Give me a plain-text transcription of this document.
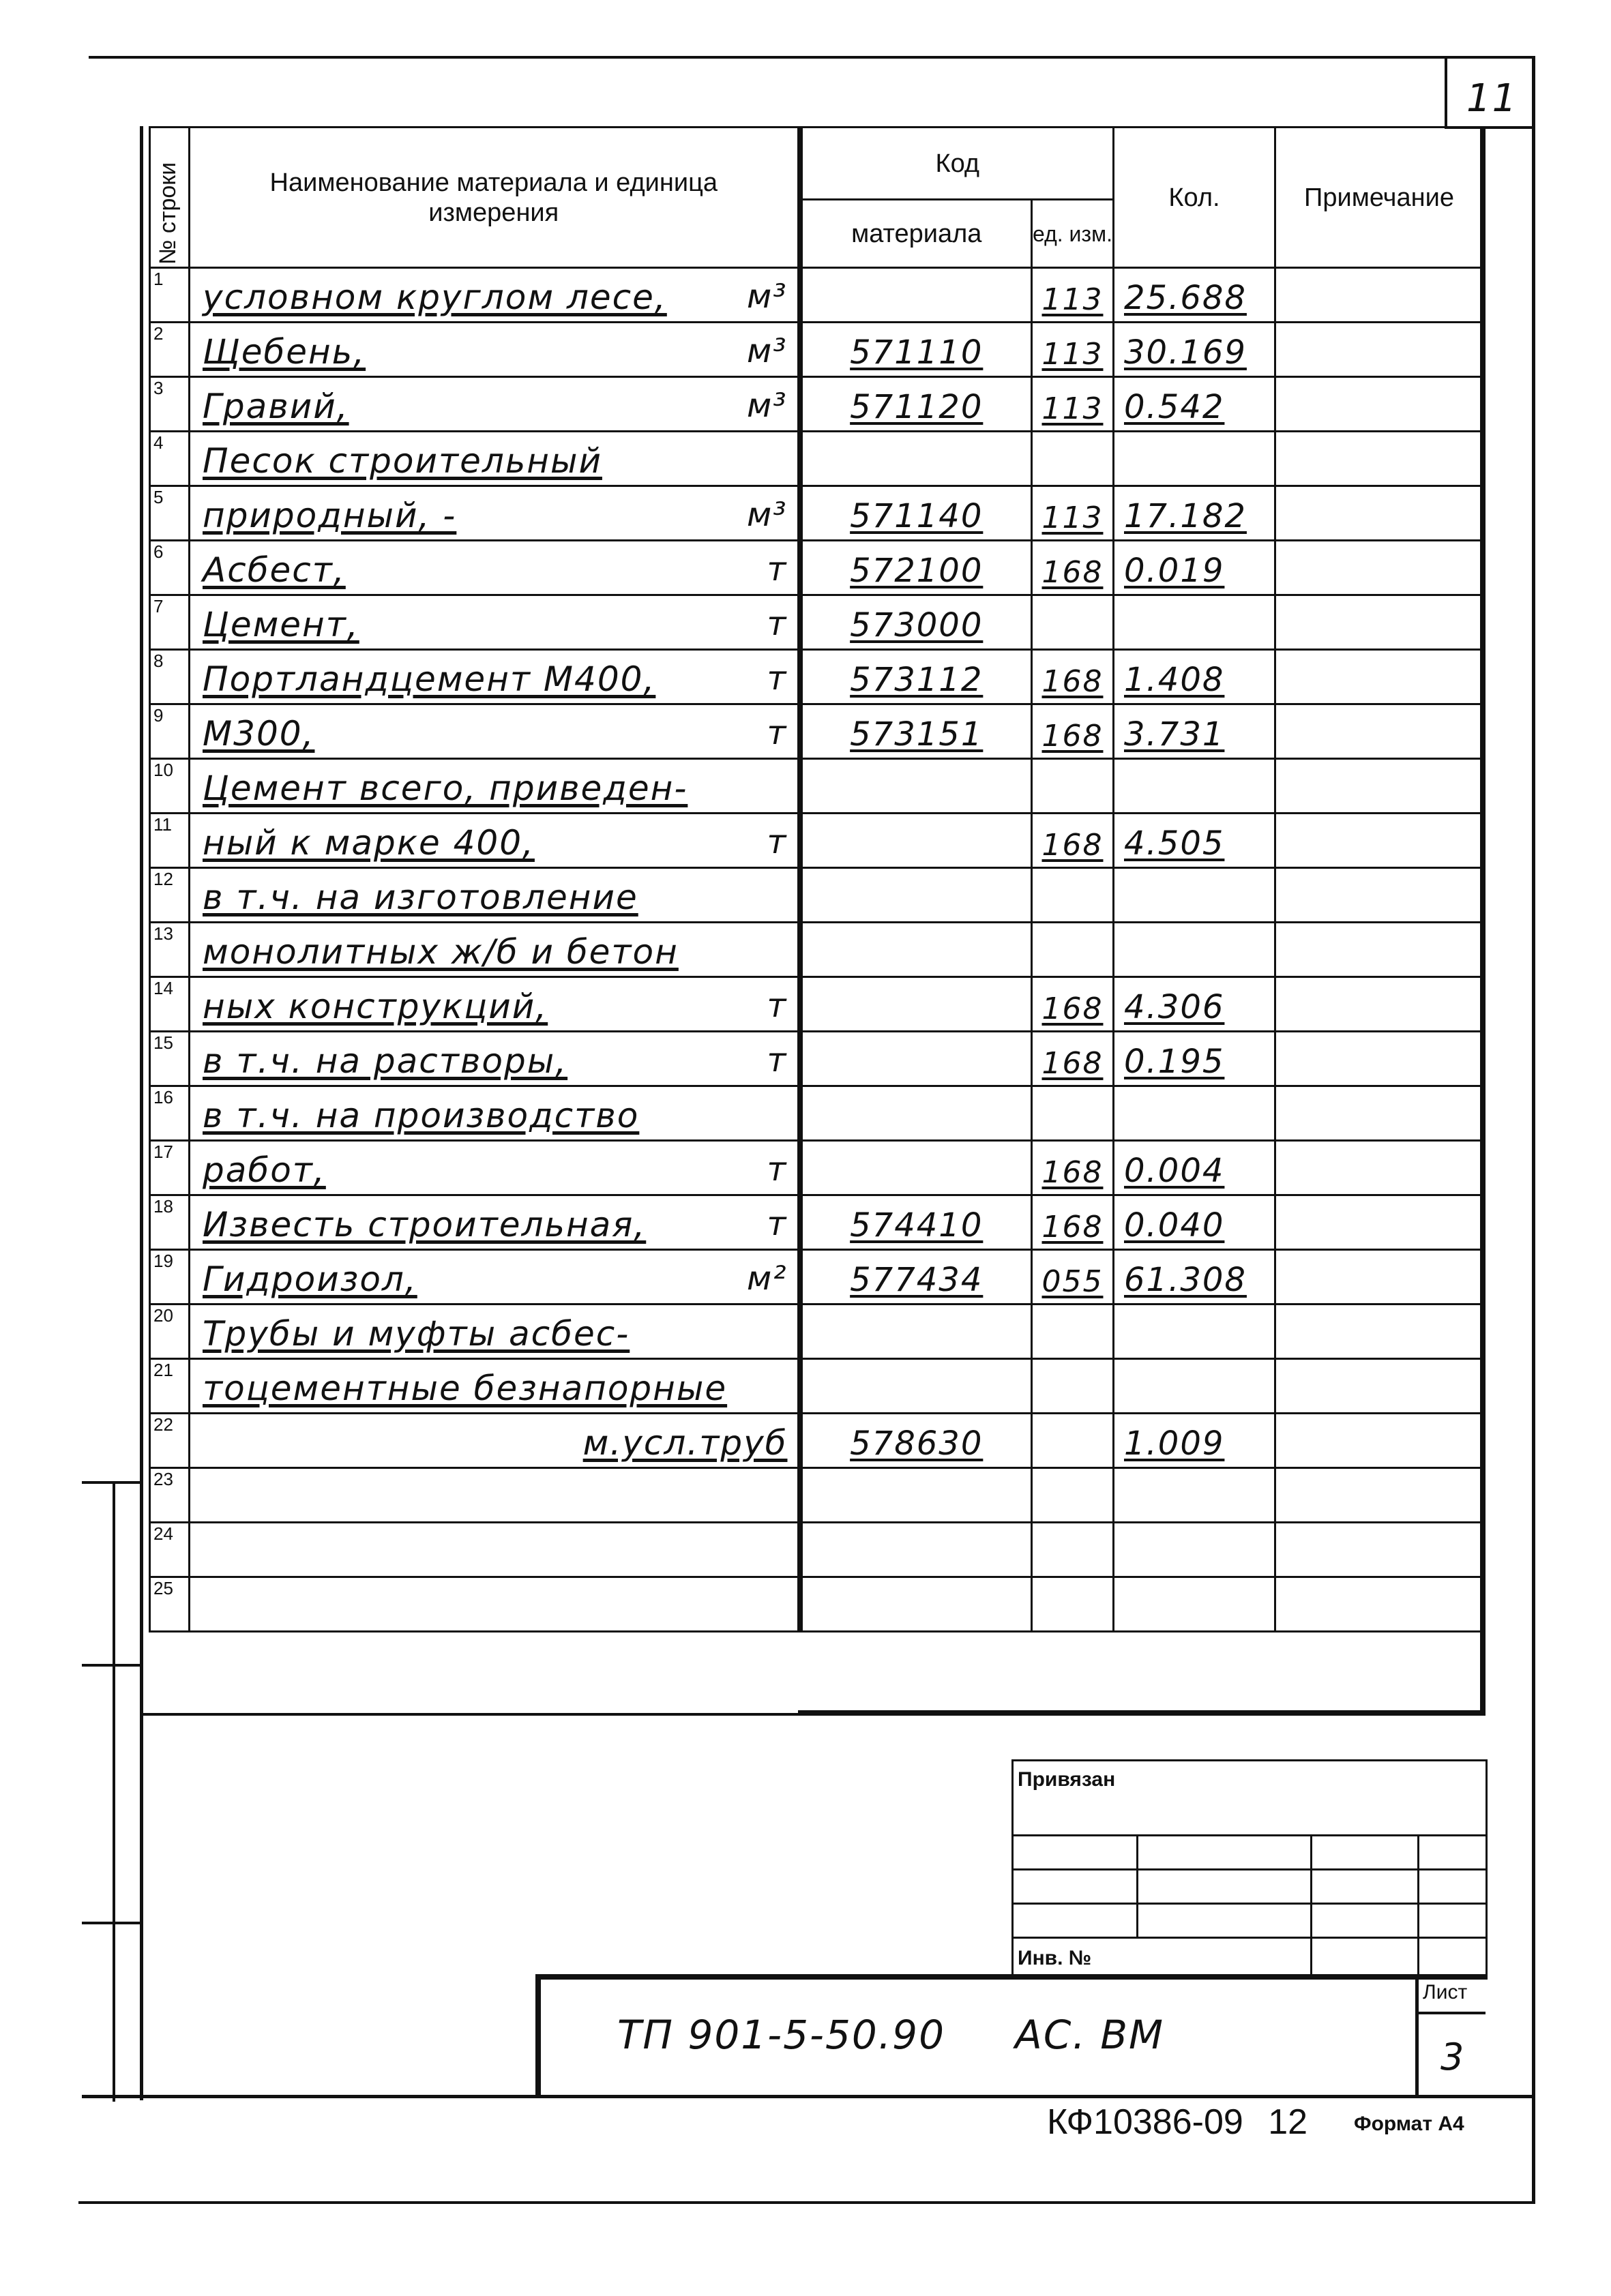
11
№ строки	Наименование материала и единица измерения	Код		Кол.	Примечание
		материала	ед. изм.		
1	условном круглом лесе, м³		113	25.688	
2	Щебень, м³	571110	113	30.169	
3	Гравий, м³	571120	113	0.542	
4	Песок строительный

5	природный, - м³	571140	113	17.182	
6	Асбест, т	572100	168	0.019	
7	Цемент, т	573000			
8	Портландцемент М400, т	573112	168	1.408	
9	М300, т	573151	168	3.731	
10	Цемент всего, приведен-

11	ный к марке 400, т		168	4.505	
12	в т.ч. на изготовление

13	монолитных ж/б и бетон

14	ных конструкций, т		168	4.306	
15	в т.ч. на растворы, т		168	0.195	
16	в т.ч. на производство

17	работ, т		168	0.004	
18	Известь строительная, т	574410	168	0.040	
19	Гидроизол, м²	577434	055	61.308	
20	Трубы и муфты асбес-

21	тоцементные безнапорные

22	м.усл.труб	578630		1.009	
23	

24	

25	

Привязан			

Инв. №			
ТП 901-5-50.90     АС. ВМ
Лист
3
КФ10386-09 12 Формат А4
